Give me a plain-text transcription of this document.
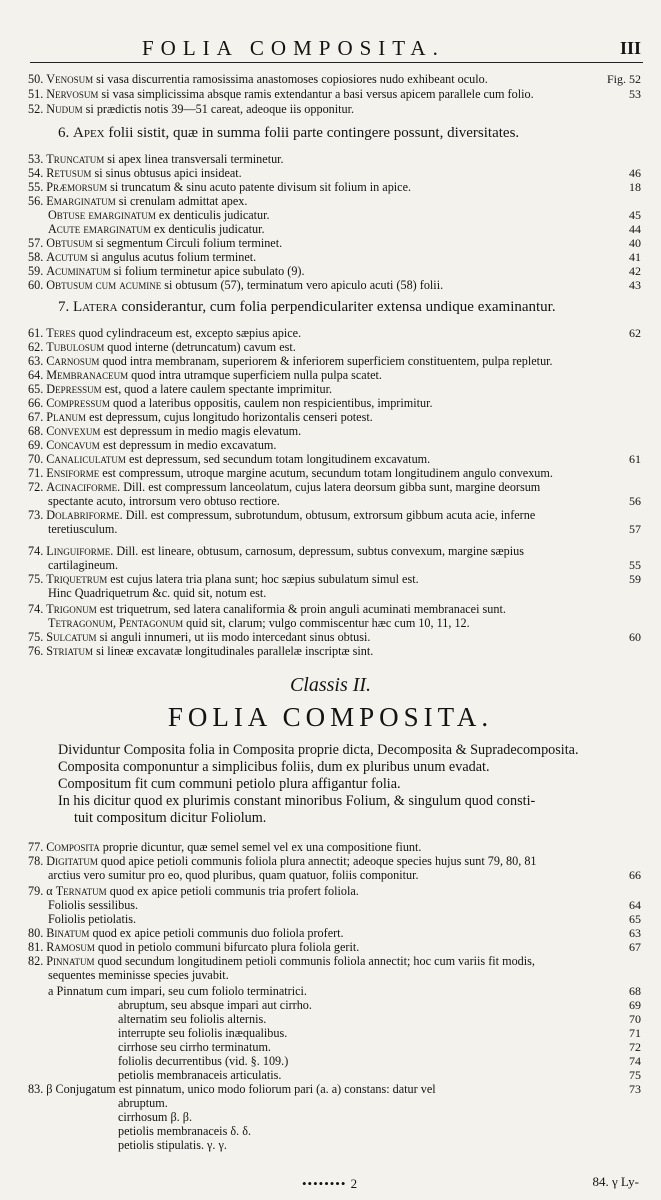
FOLIA COMPOSITA.	III
50. Venosum si vasa discurrentia ramosissima anastomoses copiosiores nudo exhibeant oculo.	Fig. 52
51. Nervosum si vasa simplicissima absque ramis extendantur a basi versus apicem parallele cum folio.	53
52. Nudum si prædictis notis 39—51 careat, adeoque iis opponitur.
6. Apex folii sistit, quæ in summa folii parte contingere possunt, diversitates.
53. Truncatum si apex linea transversali terminetur.
54. Retusum si sinus obtusus apici insideat.	46
55. Præmorsum si truncatum & sinu acuto patente divisum sit folium in apice.	18
56. Emarginatum si crenulam admittat apex.
Obtuse emarginatum ex denticulis judicatur.	45
Acute emarginatum ex denticulis judicatur.	44
57. Obtusum si segmentum Circuli folium terminet.	40
58. Acutum si angulus acutus folium terminet.	41
59. Acuminatum si folium terminetur apice subulato (9).	42
60. Obtusum cum acumine si obtusum (57), terminatum vero apiculo acuti (58) folii.	43
7. Latera considerantur, cum folia perpendiculariter extensa undique examinantur.
61. Teres quod cylindraceum est, excepto sæpius apice.	62
62. Tubulosum quod interne (detruncatum) cavum est.
63. Carnosum quod intra membranam, superiorem & inferiorem superficiem constituentem, pulpa repletur.
64. Membranaceum quod intra utramque superficiem nulla pulpa scatet.
65. Depressum est, quod a latere caulem spectante imprimitur.
66. Compressum quod a lateribus oppositis, caulem non respicientibus, imprimitur.
67. Planum est depressum, cujus longitudo horizontalis censeri potest.
68. Convexum est depressum in medio magis elevatum.
69. Concavum est depressum in medio excavatum.
70. Canaliculatum est depressum, sed secundum totam longitudinem excavatum.	61
71. Ensiforme est compressum, utroque margine acutum, secundum totam longitudinem angulo convexum.
72. Acinaciforme. Dill. est compressum lanceolatum, cujus latera deorsum gibba sunt, margine deorsum
spectante acuto, introrsum vero obtuso rectiore.	56
73. Dolabriforme. Dill. est compressum, subrotundum, obtusum, extrorsum gibbum acuta acie, inferne
teretiusculum.	57
74. Linguiforme. Dill. est lineare, obtusum, carnosum, depressum, subtus convexum, margine sæpius
cartilagineum.	55
75. Triquetrum est cujus latera tria plana sunt; hoc sæpius subulatum simul est.	59
Hinc Quadriquetrum &c. quid sit, notum est.
74. Trigonum est triquetrum, sed latera canaliformia & proin anguli acuminati membranacei sunt.
Tetragonum, Pentagonum quid sit, clarum; vulgo commiscentur hæc cum 10, 11, 12.
75. Sulcatum si anguli innumeri, ut iis modo intercedant sinus obtusi.	60
76. Striatum si lineæ excavatæ longitudinales parallelæ inscriptæ sint.
Classis II.
FOLIA COMPOSITA.
Dividuntur Composita folia in Composita proprie dicta, Decomposita & Supradecomposita.
Composita componuntur a simplicibus foliis, dum ex pluribus unum evadat.
Compositum fit cum communi petiolo plura affigantur folia.
In his dicitur quod ex plurimis constant minoribus Folium, & singulum quod consti-
tuit compositum dicitur Foliolum.
77. Composita proprie dicuntur, quæ semel semel vel ex una compositione fiunt.
78. Digitatum quod apice petioli communis foliola plura annectit; adeoque species hujus sunt 79, 80, 81
arctius vero sumitur pro eo, quod pluribus, quam quatuor, foliis componitur.	66
79. α Ternatum quod ex apice petioli communis tria profert foliola.
Foliolis sessilibus.	64
Foliolis petiolatis.	65
80. Binatum quod ex apice petioli communis duo foliola profert.	63
81. Ramosum quod in petiolo communi bifurcato plura foliola gerit.	67
82. Pinnatum quod secundum longitudinem petioli communis foliola annectit; hoc cum variis fit modis,
sequentes meminisse species juvabit.
a Pinnatum cum impari, seu cum foliolo terminatrici.	68
abruptum, seu absque impari aut cirrho.	69
alternatim seu foliolis alternis.	70
interrupte seu foliolis inæqualibus.	71
cirrhose seu cirrho terminatum.	72
foliolis decurrentibus (vid. §. 109.)	74
petiolis membranaceis articulatis.	75
83. β Conjugatum est pinnatum, unico modo foliorum pari (a. a) constans: datur vel	73
abruptum.
cirrhosum β. β.
petiolis membranaceis δ. δ.
petiolis stipulatis. γ. γ.
•••••••• 2	84. γ Ly-
